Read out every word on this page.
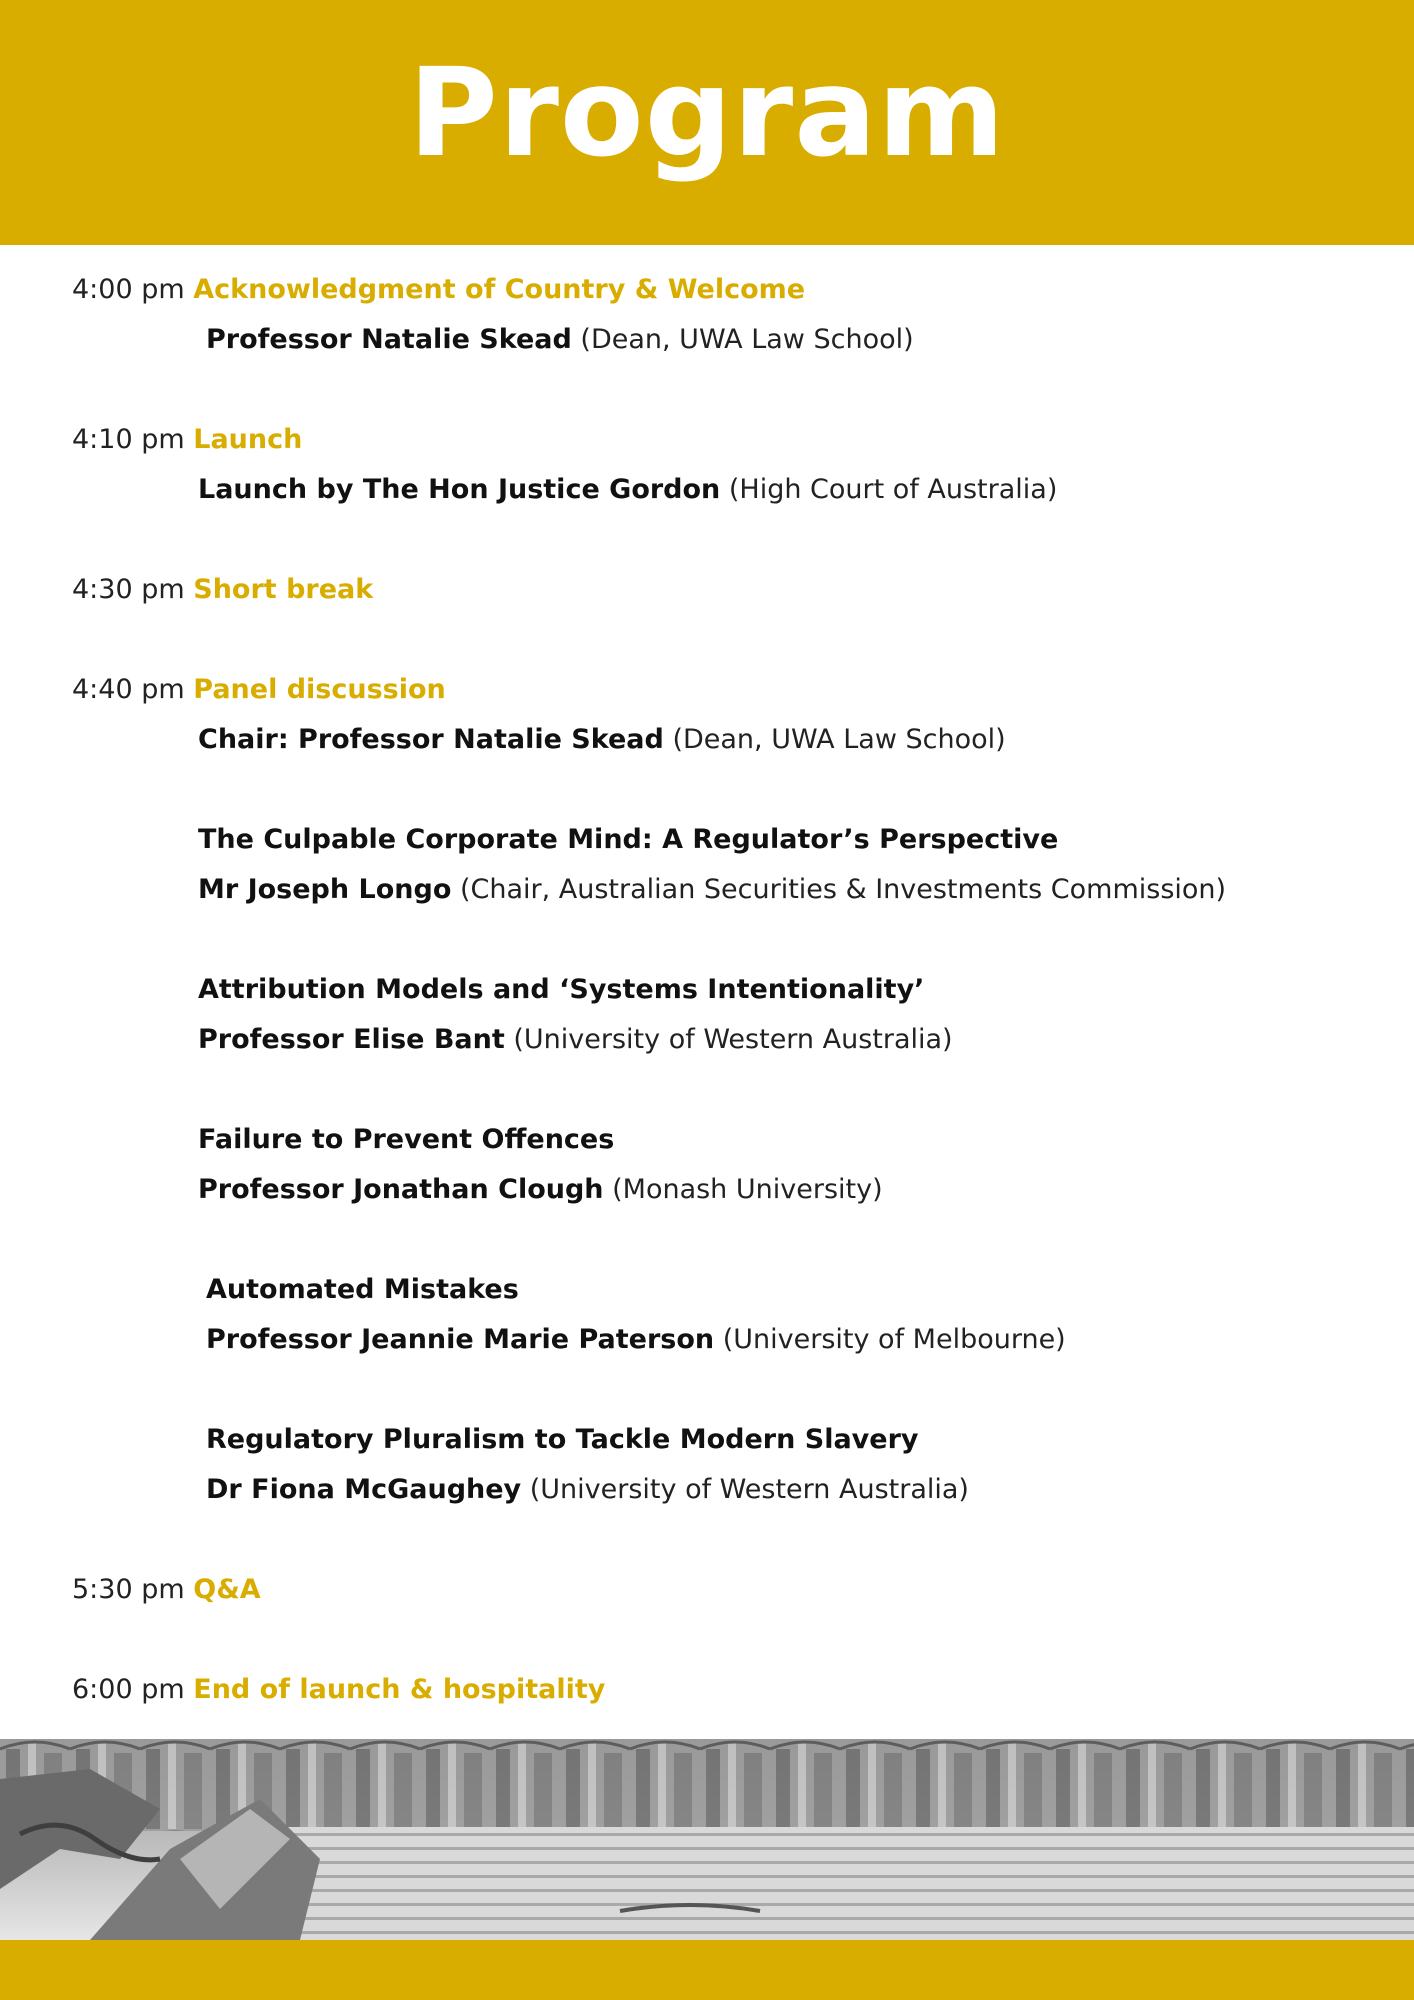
Program
4:00 pm Acknowledgment of Country & Welcome
Professor Natalie Skead (Dean, UWA Law School)
4:10 pm Launch
Launch by The Hon Justice Gordon (High Court of Australia)
4:30 pm Short break
4:40 pm Panel discussion
Chair: Professor Natalie Skead (Dean, UWA Law School)
The Culpable Corporate Mind: A Regulator’s Perspective
Mr Joseph Longo (Chair, Australian Securities & Investments Commission)
Attribution Models and ‘Systems Intentionality’
Professor Elise Bant (University of Western Australia)
Failure to Prevent Offences
Professor Jonathan Clough (Monash University)
Automated Mistakes
Professor Jeannie Marie Paterson (University of Melbourne)
Regulatory Pluralism to Tackle Modern Slavery
Dr Fiona McGaughey (University of Western Australia)
5:30 pm Q&A
6:00 pm End of launch & hospitality
